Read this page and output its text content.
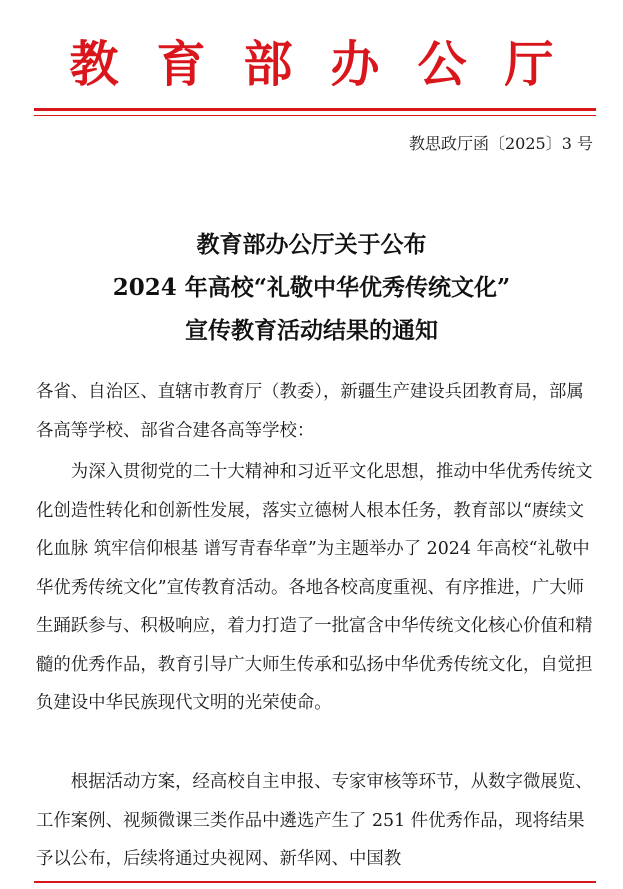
教育部办公厅
教思政厅函〔2025〕3 号
教育部办公厅关于公布
2024 年高校“礼敬中华优秀传统文化”
宣传教育活动结果的通知
各省、自治区、直辖市教育厅（教委），新疆生产建设兵团教育局，部属各高等学校、部省合建各高等学校：
为深入贯彻党的二十大精神和习近平文化思想，推动中华优秀传统文化创造性转化和创新性发展，落实立德树人根本任务，教育部以“赓续文化血脉 筑牢信仰根基 谱写青春华章”为主题举办了 2024 年高校“礼敬中华优秀传统文化”宣传教育活动。各地各校高度重视、有序推进，广大师生踊跃参与、积极响应，着力打造了一批富含中华传统文化核心价值和精髓的优秀作品，教育引导广大师生传承和弘扬中华优秀传统文化，自觉担负建设中华民族现代文明的光荣使命。
根据活动方案，经高校自主申报、专家审核等环节，从数字微展览、工作案例、视频微课三类作品中遴选产生了 251 件优秀作品，现将结果予以公布，后续将通过央视网、新华网、中国教
